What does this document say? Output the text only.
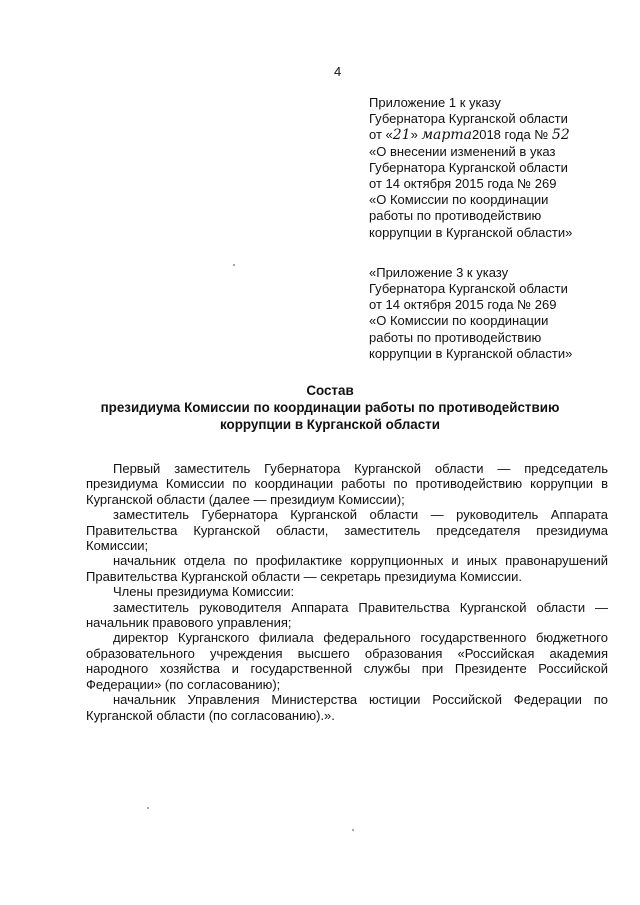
4

Приложение 1 к указу

Губернатора Курганской области

от «21» марта2018 года № 52

«О внесении изменений в указ

Губернатора Курганской области

от 14 октября 2015 года № 269

«О Комиссии по координации

работы по противодействию

коррупции в Курганской области»

«Приложение 3 к указу

Губернатора Курганской области

от 14 октября 2015 года № 269

«О Комиссии по координации

работы по противодействию

коррупции в Курганской области»

Состав

президиума Комиссии по координации работы по противодействию

коррупции в Курганской области

Первый заместитель Губернатора Курганской области — председатель президиума Комиссии по координации работы по противодействию коррупции в Курганской области (далее — президиум Комиссии);

заместитель Губернатора Курганской области — руководитель Аппарата Правительства Курганской области, заместитель председателя президиума Комиссии;

начальник отдела по профилактике коррупционных и иных правонарушений Правительства Курганской области — секретарь президиума Комиссии.

Члены президиума Комиссии:

заместитель руководителя Аппарата Правительства Курганской области — начальник правового управления;

директор Курганского филиала федерального государственного бюджетного образовательного учреждения высшего образования «Российская академия народного хозяйства и государственной службы при Президенте Российской Федерации» (по согласованию);

начальник Управления Министерства юстиции Российской Федерации по Курганской области (по согласованию).».
